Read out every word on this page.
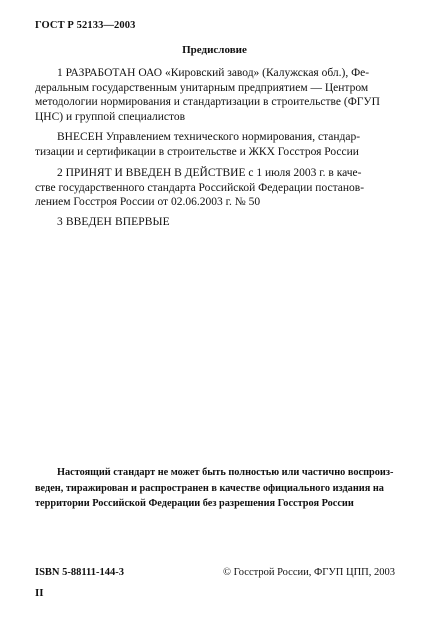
ГОСТ Р 52133—2003
Предисловие
1 РАЗРАБОТАН ОАО «Кировский завод» (Калужская обл.), Фе-
деральным государственным унитарным предприятием — Центром
методологии нормирования и стандартизации в строительстве (ФГУП
ЦНС) и группой специалистов
ВНЕСЕН Управлением технического нормирования, стандар-
тизации и сертификации в строительстве и ЖКХ Госстроя России
2 ПРИНЯТ И ВВЕДЕН В ДЕЙСТВИЕ с 1 июля 2003 г. в каче-
стве государственного стандарта Российской Федерации постанов-
лением Госстроя России от 02.06.2003 г. № 50
3 ВВЕДЕН ВПЕРВЫЕ
Настоящий стандарт не может быть полностью или частично воспроиз-
веден, тиражирован и распространен в качестве официального издания на
территории Российской Федерации без разрешения Госстроя России
ISBN 5-88111-144-3	© Госстрой России, ФГУП ЦПП, 2003
II
